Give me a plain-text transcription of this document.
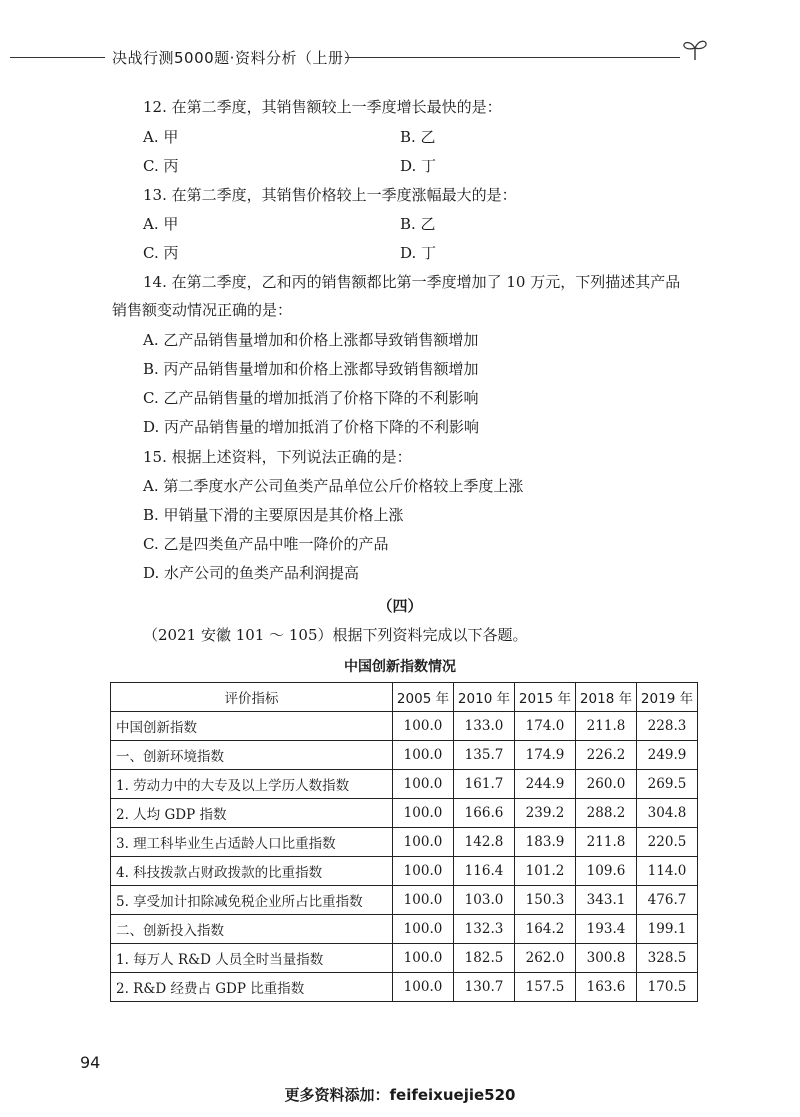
决战行测5000题·资料分析（上册）
12. 在第二季度，其销售额较上一季度增长最快的是：
A. 甲	B. 乙
C. 丙	D. 丁
13. 在第二季度，其销售价格较上一季度涨幅最大的是：
A. 甲	B. 乙
C. 丙	D. 丁
14. 在第二季度，乙和丙的销售额都比第一季度增加了 10 万元，下列描述其产品
销售额变动情况正确的是：
A. 乙产品销售量增加和价格上涨都导致销售额增加
B. 丙产品销售量增加和价格上涨都导致销售额增加
C. 乙产品销售量的增加抵消了价格下降的不利影响
D. 丙产品销售量的增加抵消了价格下降的不利影响
15. 根据上述资料，下列说法正确的是：
A. 第二季度水产公司鱼类产品单位公斤价格较上季度上涨
B. 甲销量下滑的主要原因是其价格上涨
C. 乙是四类鱼产品中唯一降价的产品
D. 水产公司的鱼类产品利润提高
（四）
（2021 安徽 101 ～ 105）根据下列资料完成以下各题。
中国创新指数情况
评价指标	2005 年	2010 年	2015 年	2018 年	2019 年
中国创新指数	100.0	133.0	174.0	211.8	228.3
一、创新环境指数	100.0	135.7	174.9	226.2	249.9
1. 劳动力中的大专及以上学历人数指数	100.0	161.7	244.9	260.0	269.5
2. 人均 GDP 指数	100.0	166.6	239.2	288.2	304.8
3. 理工科毕业生占适龄人口比重指数	100.0	142.8	183.9	211.8	220.5
4. 科技拨款占财政拨款的比重指数	100.0	116.4	101.2	109.6	114.0
5. 享受加计扣除减免税企业所占比重指数	100.0	103.0	150.3	343.1	476.7
二、创新投入指数	100.0	132.3	164.2	193.4	199.1
1. 每万人 R&D 人员全时当量指数	100.0	182.5	262.0	300.8	328.5
2. R&D 经费占 GDP 比重指数	100.0	130.7	157.5	163.6	170.5
94
更多资料添加：feifeixuejie520
